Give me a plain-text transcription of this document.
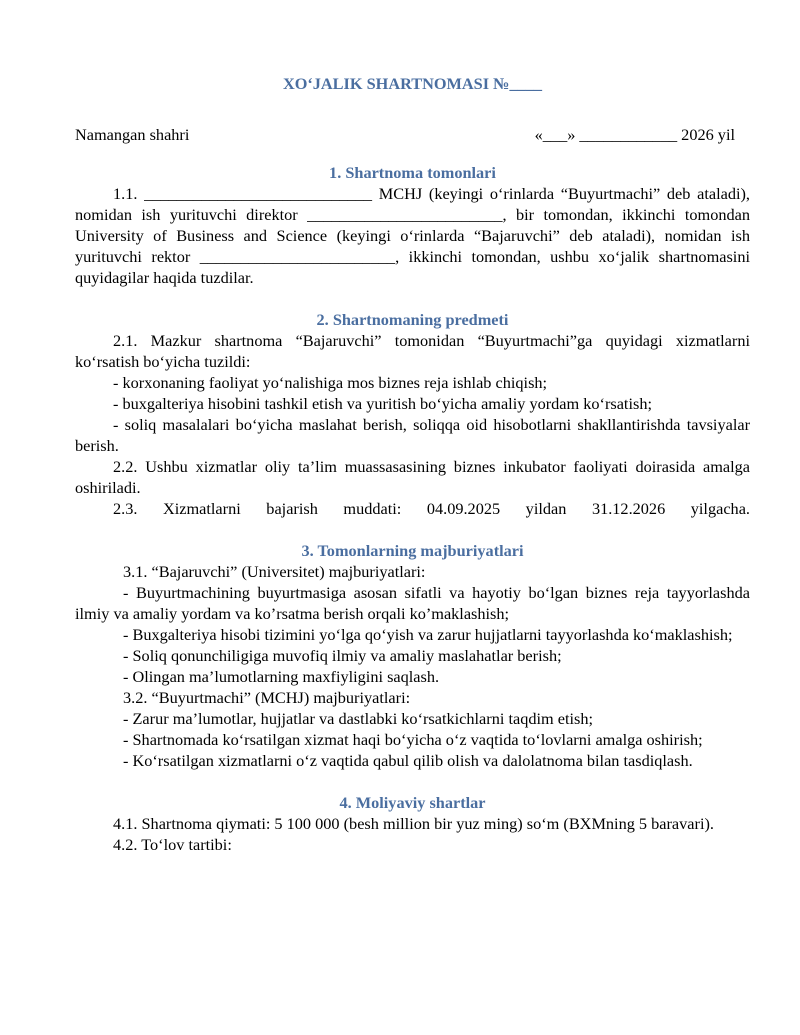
XO‘JALIK SHARTNOMASI №____
Namangan shahri	«___» ____________ 2026 yil
1. Shartnoma tomonlari

1.1. ____________________________ MCHJ (keyingi o‘rinlarda “Buyurtmachi” deb ataladi), nomidan ish yurituvchi direktor ________________________, bir tomondan, ikkinchi tomondan University of Business and Science (keyingi o‘rinlarda “Bajaruvchi” deb ataladi), nomidan ish yurituvchi rektor ________________________, ikkinchi tomondan, ushbu xo‘jalik shartnomasini quyidagilar haqida tuzdilar.

2. Shartnomaning predmeti

2.1. Mazkur shartnoma “Bajaruvchi” tomonidan “Buyurtmachi”ga quyidagi xizmatlarni ko‘rsatish bo‘yicha tuzildi:

- korxonaning faoliyat yo‘nalishiga mos biznes reja ishlab chiqish;

- buxgalteriya hisobini tashkil etish va yuritish bo‘yicha amaliy yordam ko‘rsatish;

- soliq masalalari bo‘yicha maslahat berish, soliqqa oid hisobotlarni shakllantirishda tavsiyalar berish.

2.2. Ushbu xizmatlar oliy ta’lim muassasasining biznes inkubator faoliyati doirasida amalga oshiriladi.

2.3. Xizmatlarni bajarish muddati: 04.09.2025 yildan 31.12.2026 yilgacha.

3. Tomonlarning majburiyatlari

3.1. “Bajaruvchi” (Universitet) majburiyatlari:

- Buyurtmachining buyurtmasiga asosan sifatli va hayotiy bo‘lgan biznes reja tayyorlashda ilmiy va amaliy yordam va ko’rsatma berish orqali ko’maklashish;

- Buxgalteriya hisobi tizimini yo‘lga qo‘yish va zarur hujjatlarni tayyorlashda ko‘maklashish;

- Soliq qonunchiligiga muvofiq ilmiy va amaliy maslahatlar berish;

- Olingan ma’lumotlarning maxfiyligini saqlash.

3.2. “Buyurtmachi” (MCHJ) majburiyatlari:

- Zarur ma’lumotlar, hujjatlar va dastlabki ko‘rsatkichlarni taqdim etish;

- Shartnomada ko‘rsatilgan xizmat haqi bo‘yicha o‘z vaqtida to‘lovlarni amalga oshirish;

- Ko‘rsatilgan xizmatlarni o‘z vaqtida qabul qilib olish va dalolatnoma bilan tasdiqlash.

4. Moliyaviy shartlar

4.1. Shartnoma qiymati: 5 100 000 (besh million bir yuz ming) so‘m (BXMning 5 baravari).

4.2. To‘lov tartibi:
